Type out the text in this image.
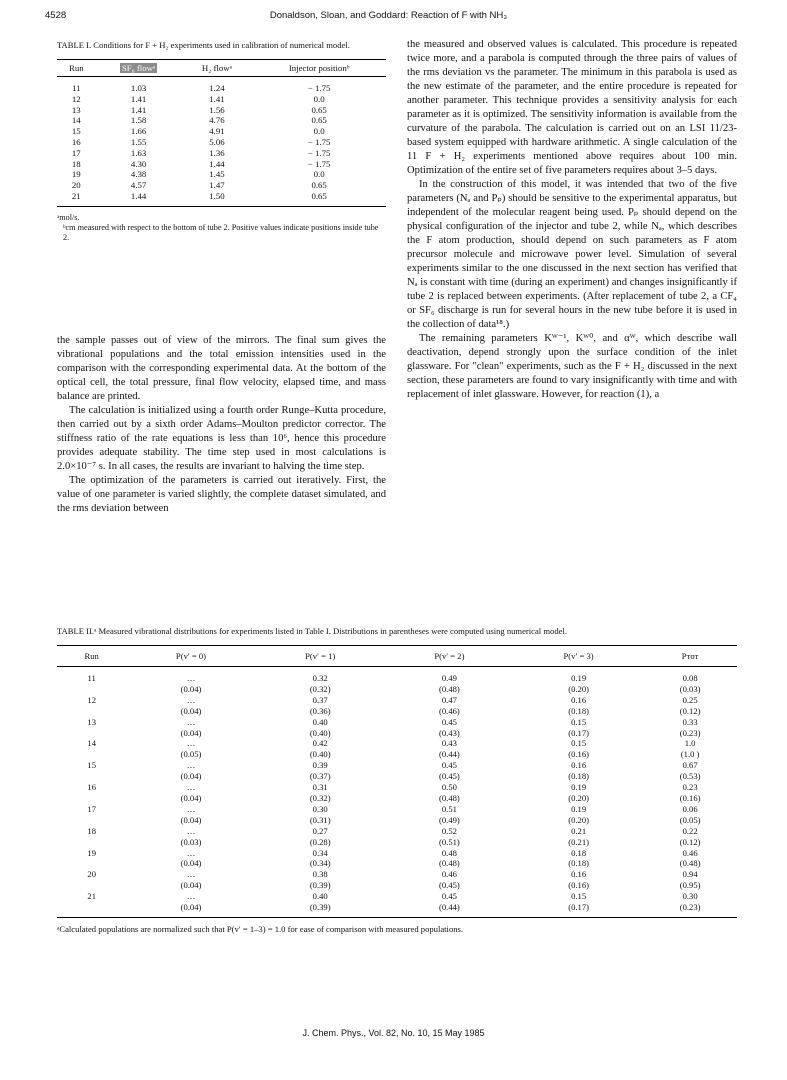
4528	Donaldson, Sloan, and Goddard: Reaction of F with NH₃
TABLE I. Conditions for F + H₂ experiments used in calibration of numerical model.
Run	SF₆ flowᵃ	H₂ flowᵃ	Injector positionᵇ
11	1.03	1.24	− 1.75
12	1.41	1.41	0.0
13	1.41	1.56	0.65
14	1.58	4.76	0.65
15	1.66	4.91	0.0
16	1.55	5.06	− 1.75
17	1.63	1.36	− 1.75
18	4.30	1.44	− 1.75
19	4.38	1.45	0.0
20	4.57	1.47	0.65
21	1.44	1.50	0.65
ᵃmol/s.
ᵇcm measured with respect to the bottom of tube 2. Positive values indicate positions inside tube 2.

the sample passes out of view of the mirrors. The final sum gives the vibrational populations and the total emission intensities used in the comparison with the corresponding experimental data. At the bottom of the optical cell, the total pressure, final flow velocity, elapsed time, and mass balance are printed.

The calculation is initialized using a fourth order Runge–Kutta procedure, then carried out by a sixth order Adams–Moulton predictor corrector. The stiffness ratio of the rate equations is less than 10⁶, hence this procedure provides adequate stability. The time step used in most calculations is 2.0×10⁻⁷ s. In all cases, the results are invariant to halving the time step.

The optimization of the parameters is carried out iteratively. First, the value of one parameter is varied slightly, the complete dataset simulated, and the rms deviation between

the measured and observed values is calculated. This procedure is repeated twice more, and a parabola is computed through the three pairs of values of the rms deviation vs the parameter. The minimum in this parabola is used as the new estimate of the parameter, and the entire procedure is repeated for another parameter. This technique provides a sensitivity analysis for each parameter as it is optimized. The sensitivity information is available from the curvature of the parabola. The calculation is carried out on an LSI 11/23-based system equipped with hardware arithmetic. A single calculation of the 11 F + H₂ experiments mentioned above requires about 100 min. Optimization of the entire set of five parameters requires about 3–5 days.

In the construction of this model, it was intended that two of the five parameters (Nₐ and Pₚ) should be sensitive to the experimental apparatus, but independent of the molecular reagent being used. Pₚ should depend on the physical configuration of the injector and tube 2, while Nₐ, which describes the F atom production, should depend on such parameters as F atom precursor molecule and microwave power level. Simulation of several experiments similar to the one discussed in the next section has verified that Nₐ is constant with time (during an experiment) and changes insignificantly if tube 2 is replaced between experiments. (After replacement of tube 2, a CF₄ or SF₆ discharge is run for several hours in the new tube before it is used in the collection of data¹⁸.)

The remaining parameters Kᵂ⁻¹, Kᵂ⁰, and αᵂ, which describe wall deactivation, depend strongly upon the surface condition of the inlet glassware. For "clean" experiments, such as the F + H₂ discussed in the next section, these parameters are found to vary insignificantly with time and with replacement of inlet glassware. However, for reaction (1), a

TABLE II.ᵃ Measured vibrational distributions for experiments listed in Table I. Distributions in parentheses were computed using numerical model.
Run	P(v′ = 0)	P(v′ = 1)	P(v′ = 2)	P(v′ = 3)	Pᴛᴏᴛ
11	…	0.32	0.49	0.19	0.08
	(0.04)	(0.32)	(0.48)	(0.20)	(0.03)
12	…	0.37	0.47	0.16	0.25
	(0.04)	(0.36)	(0.46)	(0.18)	(0.12)
13	…	0.40	0.45	0.15	0.33
	(0.04)	(0.40)	(0.43)	(0.17)	(0.23)
14	…	0.42	0.43	0.15	1.0
	(0.05)	(0.40)	(0.44)	(0.16)	(1.0 )
15	…	0.39	0.45	0.16	0.67
	(0.04)	(0.37)	(0.45)	(0.18)	(0.53)
16	…	0.31	0.50	0.19	0.23
	(0.04)	(0.32)	(0.48)	(0.20)	(0.16)
17	…	0.30	0.51	0.19	0.06
	(0.04)	(0.31)	(0.49)	(0.20)	(0.05)
18	…	0.27	0.52	0.21	0.22
	(0.03)	(0.28)	(0.51)	(0.21)	(0.12)
19	…	0.34	0.48	0.18	0.46
	(0.04)	(0.34)	(0.48)	(0.18)	(0.48)
20	…	0.38	0.46	0.16	0.94
	(0.04)	(0.39)	(0.45)	(0.16)	(0.95)
21	…	0.40	0.45	0.15	0.30
	(0.04)	(0.39)	(0.44)	(0.17)	(0.23)
ᵃCalculated populations are normalized such that P(v′ = 1–3) = 1.0 for ease of comparison with measured populations.
J. Chem. Phys., Vol. 82, No. 10, 15 May 1985
